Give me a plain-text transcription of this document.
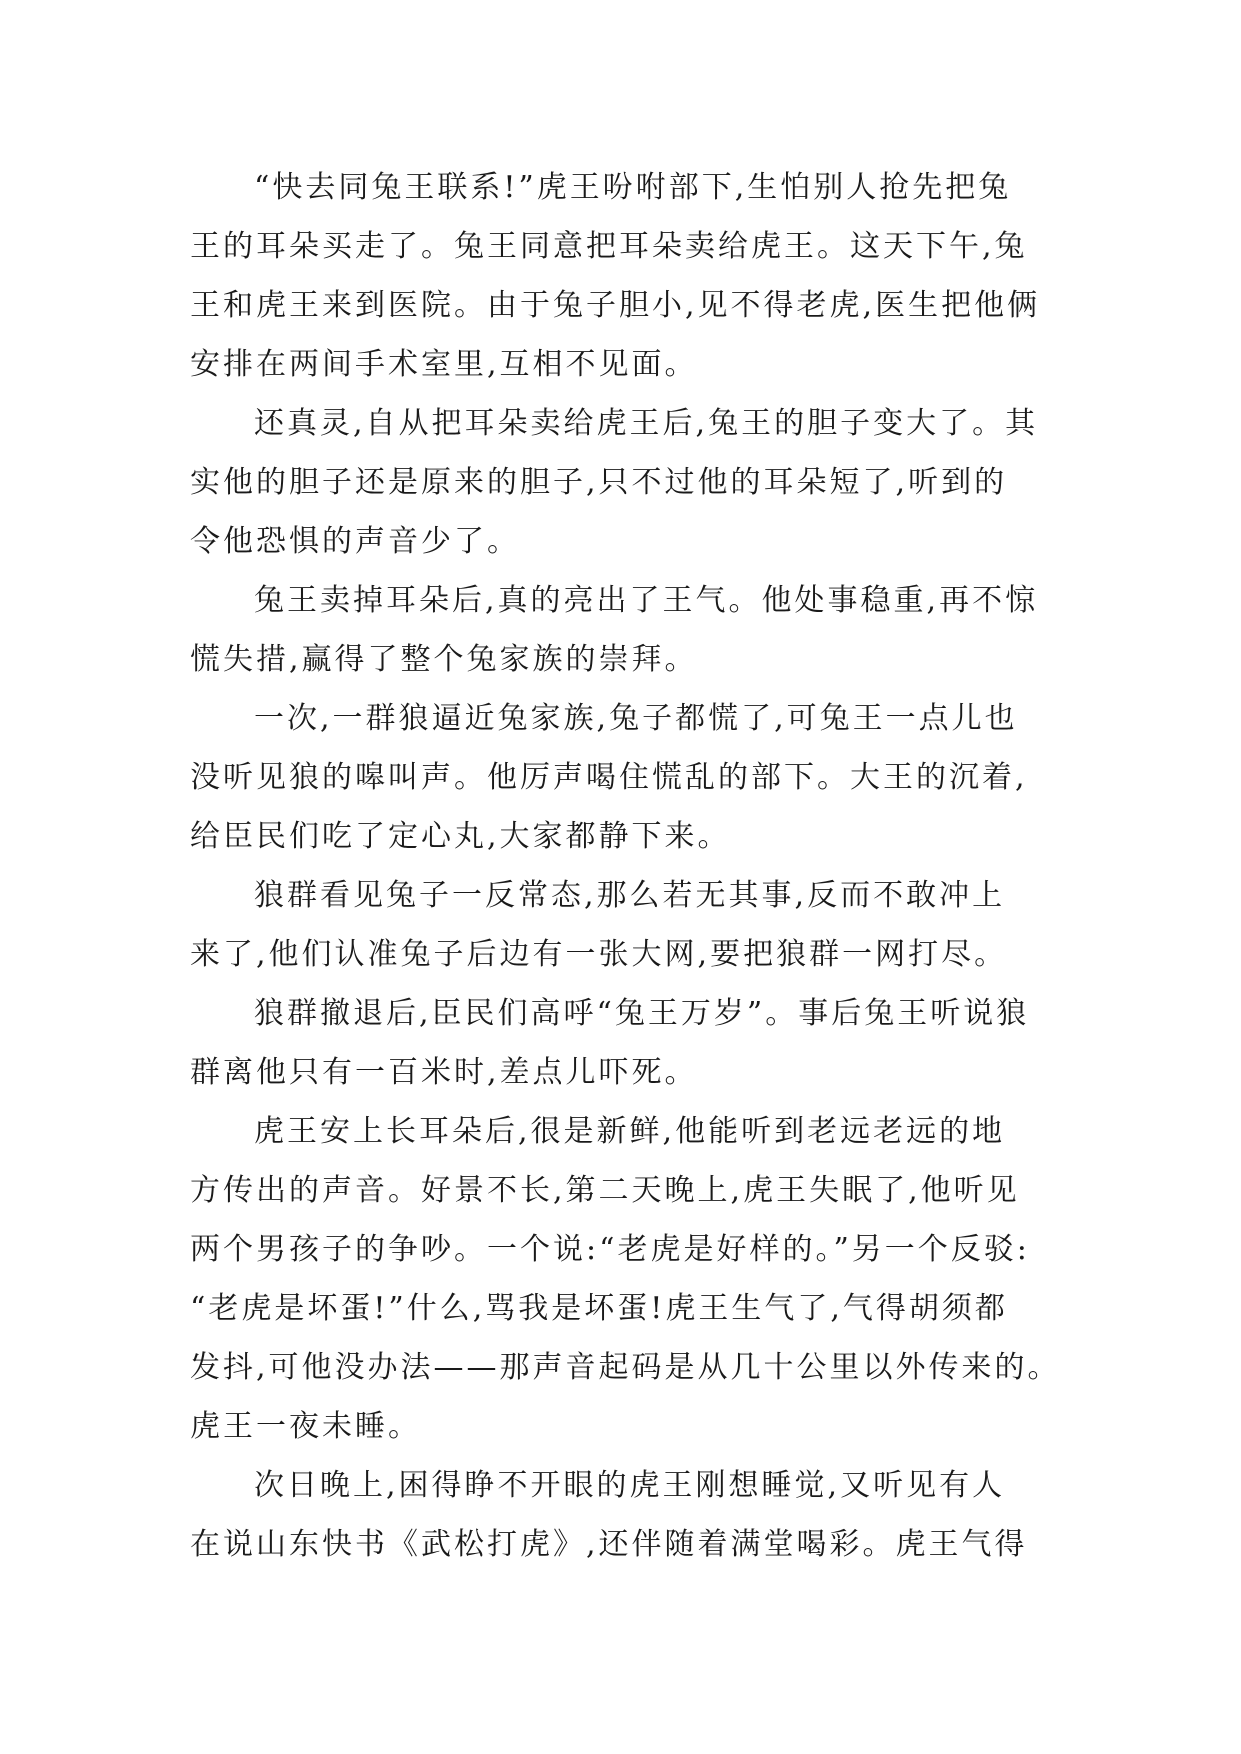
“快去同兔王联系!”虎王吩咐部下,生怕别人抢先把兔
王的耳朵买走了。兔王同意把耳朵卖给虎王。这天下午,兔
王和虎王来到医院。由于兔子胆小,见不得老虎,医生把他俩
安排在两间手术室里,互相不见面。
还真灵,自从把耳朵卖给虎王后,兔王的胆子变大了。其
实他的胆子还是原来的胆子,只不过他的耳朵短了,听到的
令他恐惧的声音少了。
兔王卖掉耳朵后,真的亮出了王气。他处事稳重,再不惊
慌失措,赢得了整个兔家族的崇拜。
一次,一群狼逼近兔家族,兔子都慌了,可兔王一点儿也
没听见狼的嗥叫声。他厉声喝住慌乱的部下。大王的沉着,
给臣民们吃了定心丸,大家都静下来。
狼群看见兔子一反常态,那么若无其事,反而不敢冲上
来了,他们认准兔子后边有一张大网,要把狼群一网打尽。
狼群撤退后,臣民们高呼“兔王万岁”。事后兔王听说狼
群离他只有一百米时,差点儿吓死。
虎王安上长耳朵后,很是新鲜,他能听到老远老远的地
方传出的声音。好景不长,第二天晚上,虎王失眠了,他听见
两个男孩子的争吵。一个说:“老虎是好样的。”另一个反驳:
“老虎是坏蛋!”什么,骂我是坏蛋!虎王生气了,气得胡须都
发抖,可他没办法——那声音起码是从几十公里以外传来的。
虎王一夜未睡。
次日晚上,困得睁不开眼的虎王刚想睡觉,又听见有人
在说山东快书《武松打虎》,还伴随着满堂喝彩。虎王气得
